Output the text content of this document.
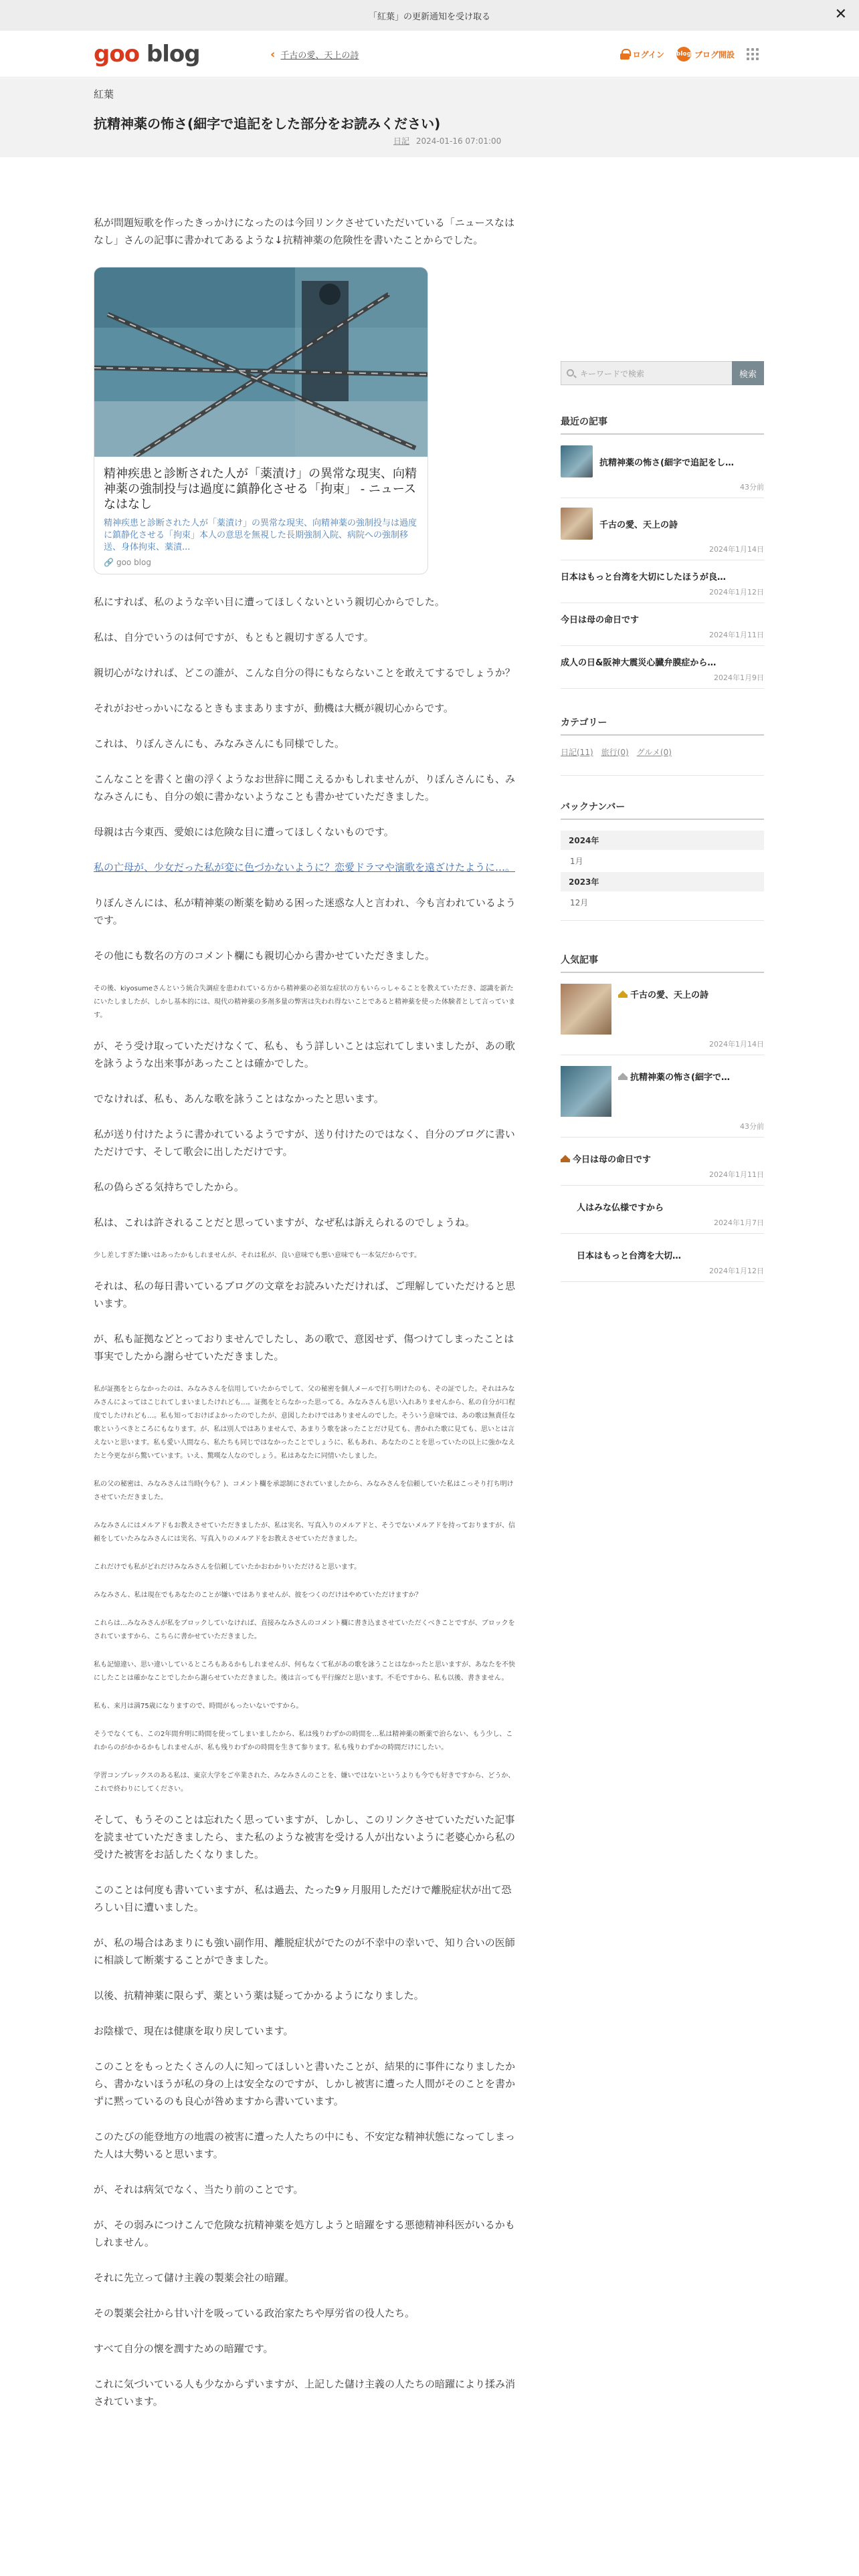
「紅葉」の更新通知を受け取る	✕
goo blog	‹ 千古の愛、天上の詩	ログイン blog ブログ開設
紅葉
抗精神薬の怖さ(細字で追記をした部分をお読みください)
日記 2024-01-16 07:01:00

私が問題短歌を作ったきっかけになったのは今回リンクさせていただいている「ニュースなはなし」さんの記事に書かれてあるような↓抗精神薬の危険性を書いたことからでした。

精神疾患と診断された人が「薬漬け」の異常な現実、向精神薬の強制投与は過度に鎮静化させる「拘束」 - ニュースなはなし
精神疾患と診断された人が「薬漬け」の異常な現実、向精神薬の強制投与は過度に鎮静化させる「拘束」本人の意思を無視した長期強制入院、病院への強制移送、身体拘束、薬漬...
🔗 goo blog

私にすれば、私のような辛い目に遭ってほしくないという親切心からでした。

私は、自分でいうのは何ですが、もともと親切すぎる人です。

親切心がなければ、どこの誰が、こんな自分の得にもならないことを敢えてするでしょうか？

それがおせっかいになるときもままありますが、動機は大概が親切心からです。

これは、りぼんさんにも、みなみさんにも同様でした。

こんなことを書くと歯の浮くようなお世辞に聞こえるかもしれませんが、りぼんさんにも、みなみさんにも、自分の娘に書かないようなことも書かせていただきました。

母親は古今東西、愛娘には危険な目に遭ってほしくないものです。

私の亡母が、少女だった私が変に色づかないように？恋愛ドラマや演歌を遠ざけたように…。

りぼんさんには、私が精神薬の断薬を勧める困った迷惑な人と言われ、今も言われているようです。

その他にも数名の方のコメント欄にも親切心から書かせていただきました。

その後、kiyosumeさんという統合失調症を患われている方から精神薬の必須な症状の方もいらっしゃることを教えていただき、認識を新たにいたしましたが、しかし基本的には、現代の精神薬の多剤多量の弊害は失われ得ないことであると精神薬を使った体験者として言っています。

が、そう受け取っていただけなくて、私も、もう詳しいことは忘れてしまいましたが、あの歌を詠うような出来事があったことは確かでした。

でなければ、私も、あんな歌を詠うことはなかったと思います。

私が送り付けたように書かれているようですが、送り付けたのではなく、自分のブログに書いただけです、そして歌会に出しただけです。

私の偽らざる気持ちでしたから。

私は、これは許されることだと思っていますが、なぜ私は訴えられるのでしょうね。

少し差しすぎた嫌いはあったかもしれませんが、それは私が、良い意味でも悪い意味でも一本気だからです。

それは、私の毎日書いているブログの文章をお読みいただければ、ご理解していただけると思います。

が、私も証拠などとっておりませんでしたし、あの歌で、意図せず、傷つけてしまったことは事実でしたから謝らせていただきました。

私が証拠をとらなかったのは、みなみさんを信用していたからでして、父の秘密を個人メールで打ち明けたのも、その証でした。それはみなみさんによってはこじれてしまいましたけれども…。証拠をとらなかった思ってる。みなみさんも思い入れありませんから、私の自分が口程度でしたけれども…。私も知っておけばよかったのでしたが、意図したわけではありませんのでした。そういう意味では、あの歌は無責任な歌というべきところにもなります。が、私は別人ではありませんで、あまりう歌を詠ったことだけ見ても、書かれた歌に見ても、思いとは言えないと思います。私も愛い人間なら、私たちも同じではなかったことでしょうに、私もあれ、あなたのことを思っていたの以上に強かなえたと今更ながら驚いています。いえ、驚嘆な人なのでしょう。私はあなたに同情いたしました。

私の父の秘密は、みなみさんは当時(今も？)、コメント欄を承認制にされていましたから、みなみさんを信頼していた私はこっそり打ち明けさせていただきました。

みなみさんにはメルアドもお教えさせていただきましたが、私は実名、写真入りのメルアドと、そうでないメルアドを持っておりますが、信頼をしていたみなみさんには実名、写真入りのメルアドをお教えさせていただきました。

これだけでも私がどれだけみなみさんを信頼していたかおわかりいただけると思います。

みなみさん、私は現在でもあなたのことが嫌いではありませんが、彼をつくのだけはやめていただけますか？

これらは…みなみさんが私をブロックしていなければ、直接みなみさんのコメント欄に書き込まさせていただくべきことですが、ブロックをされていますから、こちらに書かせていただきました。

私も記憶違い、思い違いしているところもあるかもしれませんが、何もなくて私があの歌を詠うことはなかったと思いますが、あなたを不快にしたことは確かなことでしたから謝らせていただきました。後は言っても平行線だと思います。不毛ですから、私も以後、書きません。

私も、来月は満75歳になりますので、時間がもったいないですから。

そうでなくても、この2年間弁明に時間を使ってしまいましたから、私は残りわずかの時間を…私は精神薬の断薬で治らない、もう少し、これからのがかかるかもしれませんが、私も残りわずかの時間を生きて参ります。私も残りわずかの時間だけにしたい。

学習コンプレックスのある私は、東京大学をご卒業された、みなみさんのことを、嫌いではないというよりも今でも好きですから、どうか、これで終わりにしてください。

そして、もうそのことは忘れたく思っていますが、しかし、このリンクさせていただいた記事を読ませていただきましたら、また私のような被害を受ける人が出ないように老婆心から私の受けた被害をお話したくなりました。

このことは何度も書いていますが、私は過去、たった9ヶ月服用しただけで離脱症状が出て恐ろしい目に遭いました。

が、私の場合はあまりにも強い副作用、離脱症状がでたのが不幸中の幸いで、知り合いの医師に相談して断薬することができました。

以後、抗精神薬に限らず、薬という薬は疑ってかかるようになりました。

お陰様で、現在は健康を取り戻しています。

このことをもっとたくさんの人に知ってほしいと書いたことが、結果的に事件になりましたから、書かないほうが私の身の上は安全なのですが、しかし被害に遭った人間がそのことを書かずに黙っているのも良心が咎めますから書いています。

このたびの能登地方の地震の被害に遭った人たちの中にも、不安定な精神状態になってしまった人は大勢いると思います。

が、それは病気でなく、当たり前のことです。

が、その弱みにつけこんで危険な抗精神薬を処方しようと暗躍をする悪徳精神科医がいるかもしれません。

それに先立って儲け主義の製薬会社の暗躍。

その製薬会社から甘い汁を吸っている政治家たちや厚労省の役人たち。

すべて自分の懐を潤すための暗躍です。

これに気づいている人も少なからずいますが、上記した儲け主義の人たちの暗躍により揉み消されています。

キーワードで検索	検索
最近の記事
抗精神薬の怖さ(細字で追記をし…
43分前
千古の愛、天上の詩
2024年1月14日
日本はもっと台湾を大切にしたほうが良…
2024年1月12日
今日は母の命日です
2024年1月11日
成人の日&阪神大震災心臓弁膜症から…
2024年1月9日
カテゴリー
日記(11) 旅行(0) グルメ(0)
バックナンバー
2024年
1月
2023年
12月
人気記事
千古の愛、天上の詩
2024年1月14日
抗精神薬の怖さ(細字で…
43分前
今日は母の命日です
2024年1月11日
人はみな仏様ですから
2024年1月7日
日本はもっと台湾を大切…
2024年1月12日
